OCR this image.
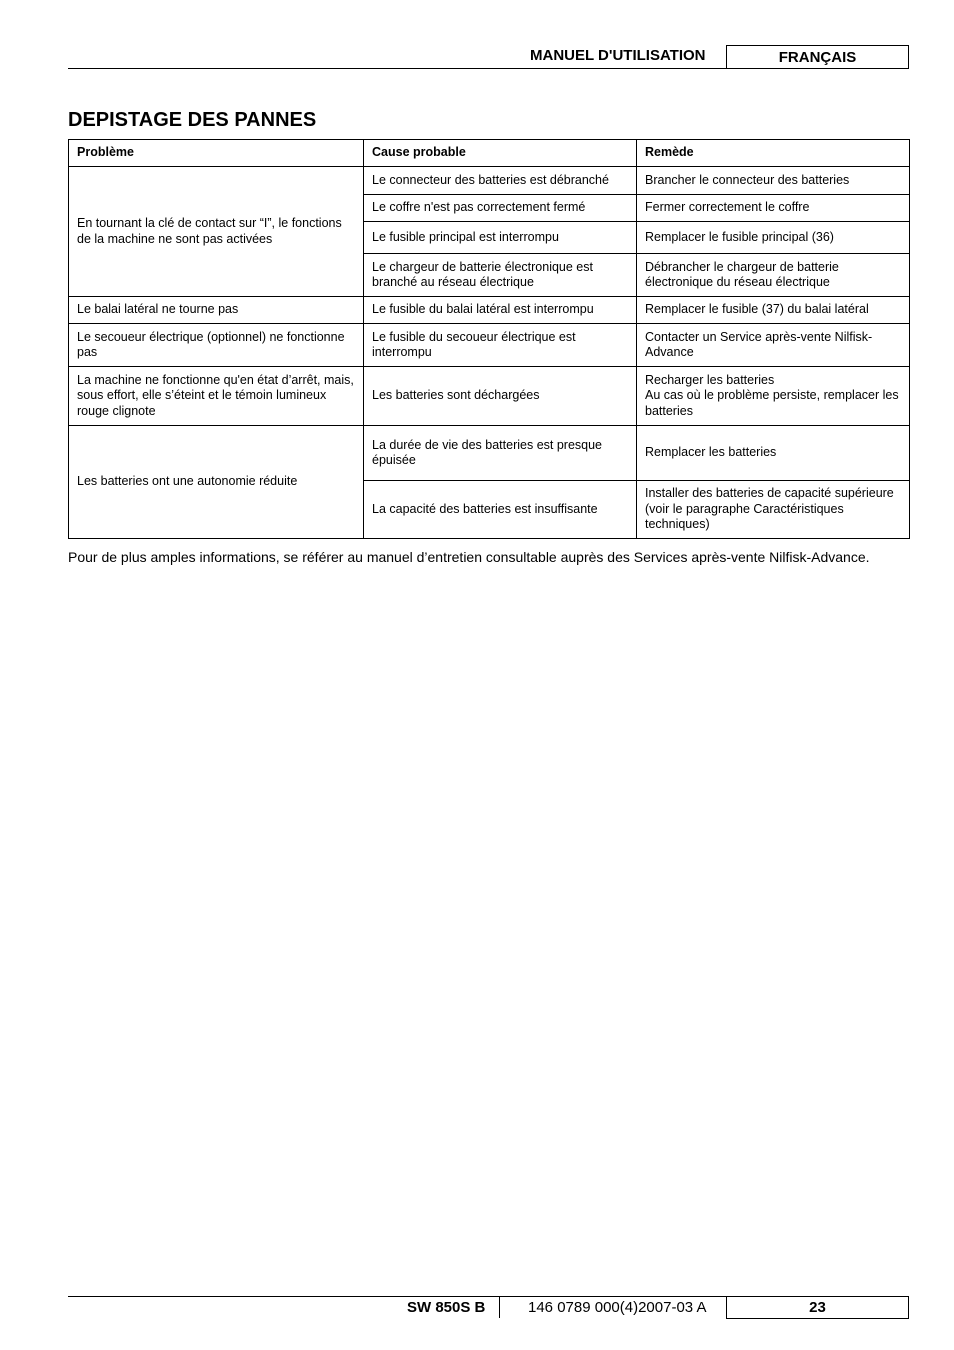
MANUEL D'UTILISATION	FRANÇAIS
DEPISTAGE DES PANNES
Problème	Cause probable	Remède
En tournant la clé de contact sur “I”, le fonctions de la machine ne sont pas activées	Le connecteur des batteries est débranché	Brancher le connecteur des batteries
	Le coffre n'est pas correctement fermé	Fermer correctement le coffre
	Le fusible principal est interrompu	Remplacer le fusible principal (36)
	Le chargeur de batterie électronique est branché au réseau électrique	Débrancher le chargeur de batterie électronique du réseau électrique
Le balai latéral ne tourne pas	Le fusible du balai latéral est interrompu	Remplacer le fusible (37) du balai latéral
Le secoueur électrique (optionnel) ne fonctionne pas	Le fusible du secoueur électrique est interrompu	Contacter un Service après-vente Nilfisk-Advance
La machine ne fonctionne qu'en état d’arrêt, mais, sous effort, elle s’éteint et le témoin lumineux rouge clignote	Les batteries sont déchargées	Recharger les batteries
Au cas où le problème persiste, remplacer les batteries

Les batteries ont une autonomie réduite	La durée de vie des batteries est presque épuisée	Remplacer les batteries
	La capacité des batteries est insuffisante	Installer des batteries de capacité supérieure (voir le paragraphe Caractéristiques techniques)
Pour de plus amples informations, se référer au manuel d’entretien consultable auprès des Services après-vente Nilfisk-Advance.
SW 850S B	146 0789 000(4)2007-03 A	23
